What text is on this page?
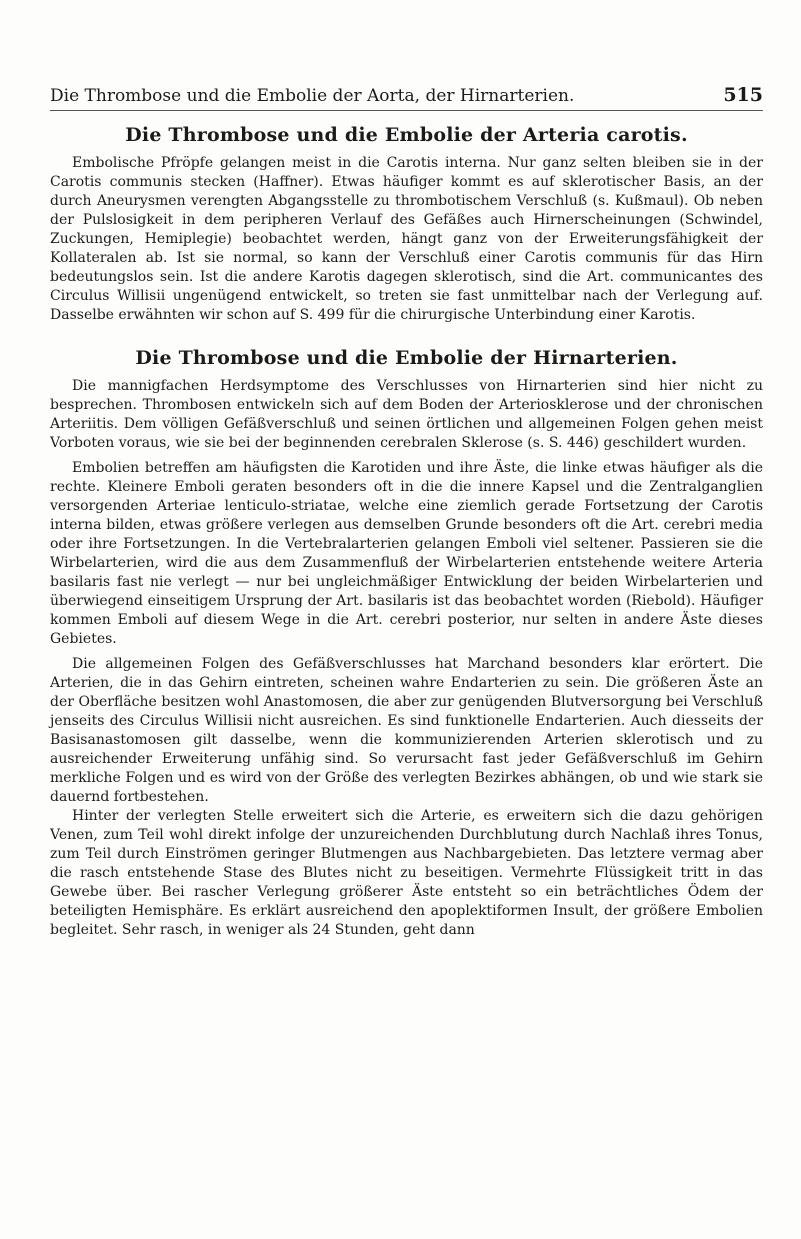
Die Thrombose und die Embolie der Aorta, der Hirnarterien.	515
Die Thrombose und die Embolie der Arteria carotis.

Embolische Pfröpfe gelangen meist in die Carotis interna. Nur ganz selten bleiben sie in der Carotis communis stecken (Haffner). Etwas häufiger kommt es auf sklerotischer Basis, an der durch Aneurysmen verengten Abgangsstelle zu thrombotischem Verschluß (s. Kußmaul). Ob neben der Pulslosigkeit in dem peripheren Verlauf des Gefäßes auch Hirnerscheinungen (Schwindel, Zuckungen, Hemiplegie) beobachtet werden, hängt ganz von der Erweiterungsfähigkeit der Kollateralen ab. Ist sie normal, so kann der Verschluß einer Carotis communis für das Hirn bedeutungslos sein. Ist die andere Karotis dagegen sklerotisch, sind die Art. communicantes des Circulus Willisii ungenügend entwickelt, so treten sie fast unmittelbar nach der Verlegung auf. Dasselbe erwähnten wir schon auf S. 499 für die chirurgische Unterbindung einer Karotis.

Die Thrombose und die Embolie der Hirnarterien.

Die mannigfachen Herdsymptome des Verschlusses von Hirnarterien sind hier nicht zu besprechen. Thrombosen entwickeln sich auf dem Boden der Arteriosklerose und der chronischen Arteriitis. Dem völligen Gefäßverschluß und seinen örtlichen und allgemeinen Folgen gehen meist Vorboten voraus, wie sie bei der beginnenden cerebralen Sklerose (s. S. 446) geschildert wurden.

Embolien betreffen am häufigsten die Karotiden und ihre Äste, die linke etwas häufiger als die rechte. Kleinere Emboli geraten besonders oft in die die innere Kapsel und die Zentralganglien versorgenden Arteriae lenticulo-striatae, welche eine ziemlich gerade Fortsetzung der Carotis interna bilden, etwas größere verlegen aus demselben Grunde besonders oft die Art. cerebri media oder ihre Fortsetzungen. In die Vertebralarterien gelangen Emboli viel seltener. Passieren sie die Wirbelarterien, wird die aus dem Zusammenfluß der Wirbelarterien entstehende weitere Arteria basilaris fast nie verlegt — nur bei ungleichmäßiger Entwicklung der beiden Wirbelarterien und überwiegend einseitigem Ursprung der Art. basilaris ist das beobachtet worden (Riebold). Häufiger kommen Emboli auf diesem Wege in die Art. cerebri posterior, nur selten in andere Äste dieses Gebietes.

Die allgemeinen Folgen des Gefäßverschlusses hat Marchand besonders klar erörtert. Die Arterien, die in das Gehirn eintreten, scheinen wahre Endarterien zu sein. Die größeren Äste an der Oberfläche besitzen wohl Anastomosen, die aber zur genügenden Blutversorgung bei Verschluß jenseits des Circulus Willisii nicht ausreichen. Es sind funktionelle Endarterien. Auch diesseits der Basisanastomosen gilt dasselbe, wenn die kommunizierenden Arterien sklerotisch und zu ausreichender Erweiterung unfähig sind. So verursacht fast jeder Gefäßverschluß im Gehirn merkliche Folgen und es wird von der Größe des verlegten Bezirkes abhängen, ob und wie stark sie dauernd fortbestehen.

Hinter der verlegten Stelle erweitert sich die Arterie, es erweitern sich die dazu gehörigen Venen, zum Teil wohl direkt infolge der unzureichenden Durchblutung durch Nachlaß ihres Tonus, zum Teil durch Einströmen geringer Blutmengen aus Nachbargebieten. Das letztere vermag aber die rasch entstehende Stase des Blutes nicht zu beseitigen. Vermehrte Flüssigkeit tritt in das Gewebe über. Bei rascher Verlegung größerer Äste entsteht so ein beträchtliches Ödem der beteiligten Hemisphäre. Es erklärt ausreichend den apoplektiformen Insult, der größere Embolien begleitet. Sehr rasch, in weniger als 24 Stunden, geht dann
